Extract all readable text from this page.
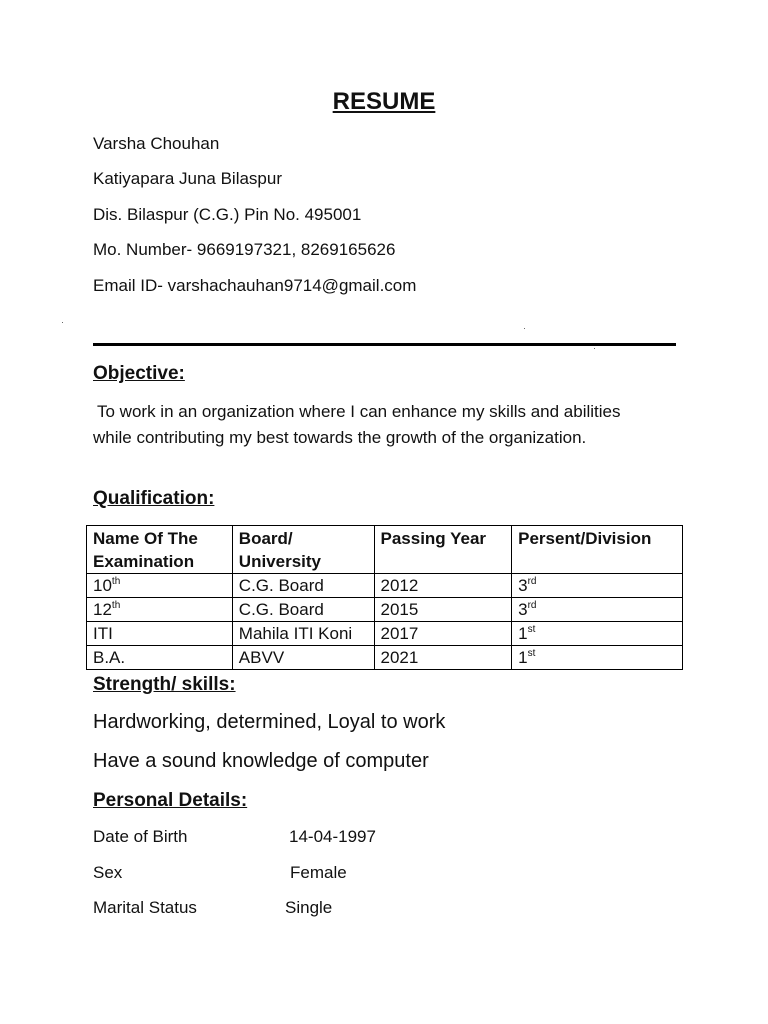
RESUME
Varsha Chouhan
Katiyapara Juna Bilaspur
Dis. Bilaspur (C.G.) Pin No. 495001
Mo. Number- 9669197321, 8269165626
Email ID- varshachauhan9714@gmail.com
Objective:
To work in an organization where I can enhance my skills and abilities while contributing my best towards the growth of the organization.
Qualification:
Name Of The Examination	Board/ University	Passing Year	Persent/Division
10th	C.G. Board	2012	3rd
12th	C.G. Board	2015	3rd
ITI	Mahila ITI Koni	2017	1st
B.A.	ABVV	2021	1st
Strength/ skills:
Hardworking, determined, Loyal to work
Have a sound knowledge of computer
Personal Details:
Date of Birth	14-04-1997
Sex	Female
Marital Status	Single
